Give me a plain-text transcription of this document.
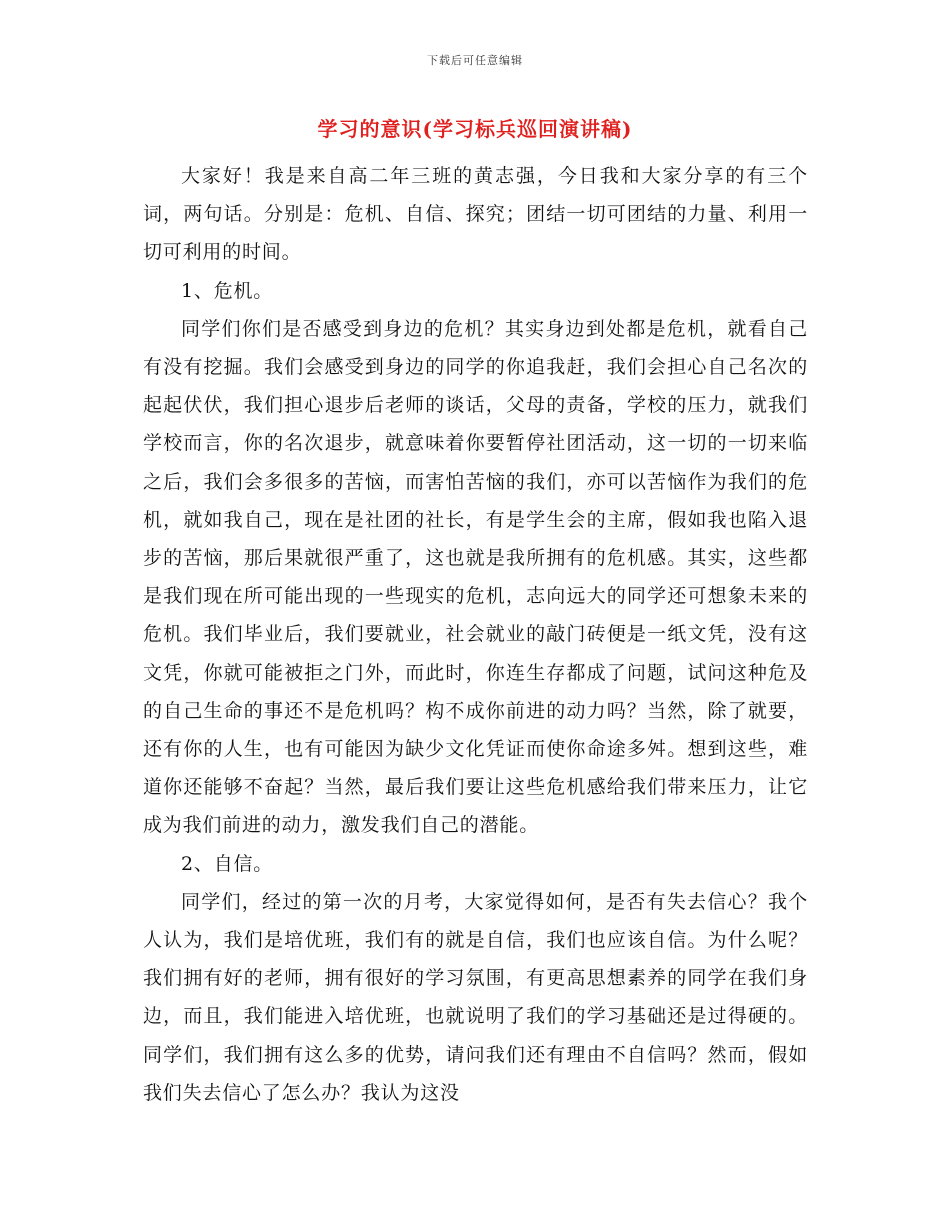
下载后可任意编辑
学习的意识(学习标兵巡回演讲稿)

大家好！我是来自高二年三班的黄志强，今日我和大家分享的有三个词，两句话。分别是：危机、自信、探究；团结一切可团结的力量、利用一切可利用的时间。

1、危机。

同学们你们是否感受到身边的危机？其实身边到处都是危机，就看自己有没有挖掘。我们会感受到身边的同学的你追我赶，我们会担心自己名次的起起伏伏，我们担心退步后老师的谈话，父母的责备，学校的压力，就我们学校而言，你的名次退步，就意味着你要暂停社团活动，这一切的一切来临之后，我们会多很多的苦恼，而害怕苦恼的我们，亦可以苦恼作为我们的危机，就如我自己，现在是社团的社长，有是学生会的主席，假如我也陷入退步的苦恼，那后果就很严重了，这也就是我所拥有的危机感。其实，这些都是我们现在所可能出现的一些现实的危机，志向远大的同学还可想象未来的危机。我们毕业后，我们要就业，社会就业的敲门砖便是一纸文凭，没有这文凭，你就可能被拒之门外，而此时，你连生存都成了问题，试问这种危及的自己生命的事还不是危机吗？构不成你前进的动力吗？当然，除了就要，还有你的人生，也有可能因为缺少文化凭证而使你命途多舛。想到这些，难道你还能够不奋起？当然，最后我们要让这些危机感给我们带来压力，让它成为我们前进的动力，激发我们自己的潜能。

2、自信。

同学们，经过的第一次的月考，大家觉得如何，是否有失去信心？我个人认为，我们是培优班，我们有的就是自信，我们也应该自信。为什么呢？我们拥有好的老师，拥有很好的学习氛围，有更高思想素养的同学在我们身边，而且，我们能进入培优班，也就说明了我们的学习基础还是过得硬的。同学们，我们拥有这么多的优势，请问我们还有理由不自信吗？然而，假如我们失去信心了怎么办？我认为这没
